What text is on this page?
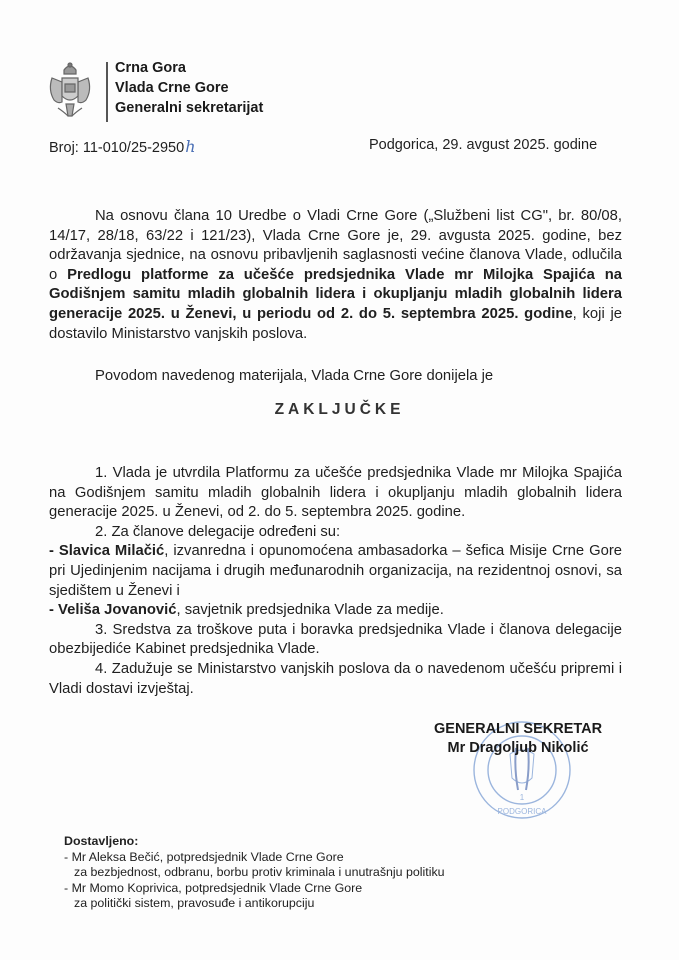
Crna Gora
Vlada Crne Gore
Generalni sekretarijat
Broj: 11-010/25-2950h	Podgorica, 29. avgust 2025. godine
Na osnovu člana 10 Uredbe o Vladi Crne Gore („Službeni list CG", br. 80/08, 14/17, 28/18, 63/22 i 121/23), Vlada Crne Gore je, 29. avgusta 2025. godine, bez održavanja sjednice, na osnovu pribavljenih saglasnosti većine članova Vlade, odlučila o Predlogu platforme za učešće predsjednika Vlade mr Milojka Spajića na Godišnjem samitu mladih globalnih lidera i okupljanju mladih globalnih lidera generacije 2025. u Ženevi, u periodu od 2. do 5. septembra 2025. godine, koji je dostavilo Ministarstvo vanjskih poslova.
Povodom navedenog materijala, Vlada Crne Gore donijela je
ZAKLJUČKE

1. Vlada je utvrdila Platformu za učešće predsjednika Vlade mr Milojka Spajića na Godišnjem samitu mladih globalnih lidera i okupljanju mladih globalnih lidera generacije 2025. u Ženevi, od 2. do 5. septembra 2025. godine.

2. Za članove delegacije određeni su:

- Slavica Milačić, izvanredna i opunomoćena ambasadorka – šefica Misije Crne Gore pri Ujedinjenim nacijama i drugih međunarodnih organizacija, na rezidentnoj osnovi, sa sjedištem u Ženevi i

- Veliša Jovanović, savjetnik predsjednika Vlade za medije.

3. Sredstva za troškove puta i boravka predsjednika Vlade i članova delegacije obezbijediće Kabinet predsjednika Vlade.

4. Zadužuje se Ministarstvo vanjskih poslova da o navedenom učešću pripremi i Vladi dostavi izvještaj.

PODGORICA
1
GENERALNI SEKRETAR
Mr Dragoljub Nikolić
Dostavljeno:
- Mr Aleksa Bečić, potpredsjednik Vlade Crne Gore
za bezbjednost, odbranu, borbu protiv kriminala i unutrašnju politiku
- Mr Momo Koprivica, potpredsjednik Vlade Crne Gore
za politički sistem, pravosuđe i antikorupciju
